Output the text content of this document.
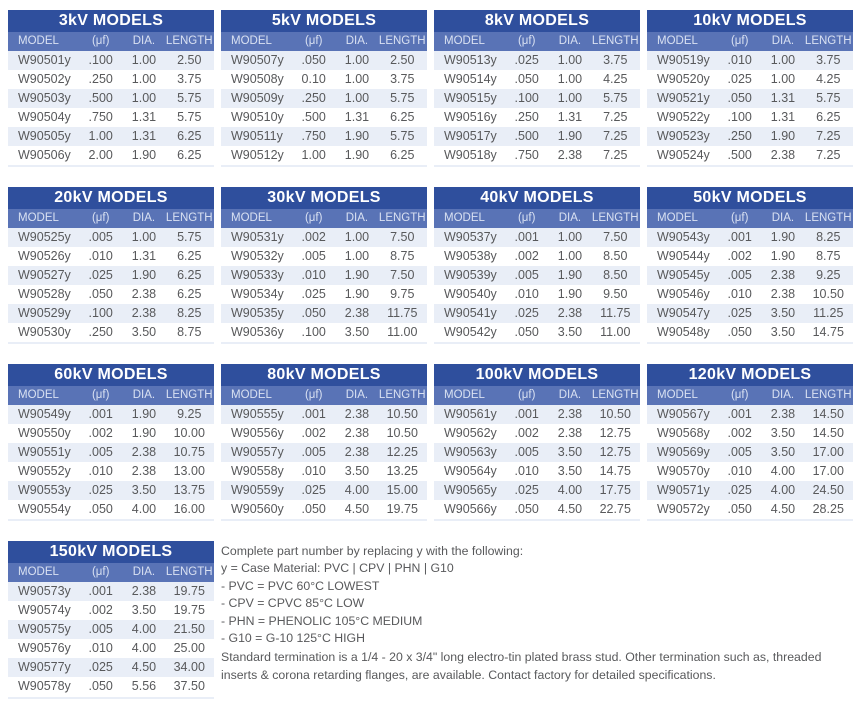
3kV MODELS
MODEL	(μf)	DIA. LENGTH
W90501y	.100	1.00	2.50
W90502y	.250	1.00	3.75
W90503y	.500	1.00	5.75
W90504y	.750	1.31	5.75
W90505y	1.00	1.31	6.25
W90506y	2.00	1.90	6.25
5kV MODELS
MODEL	(μf)	DIA. LENGTH
W90507y	.050	1.00	2.50
W90508y	0.10	1.00	3.75
W90509y	.250	1.00	5.75
W90510y	.500	1.31	6.25
W90511y	.750	1.90	5.75
W90512y	1.00	1.90	6.25
8kV MODELS
MODEL	(μf)	DIA. LENGTH
W90513y	.025	1.00	3.75
W90514y	.050	1.00	4.25
W90515y	.100	1.00	5.75
W90516y	.250	1.31	7.25
W90517y	.500	1.90	7.25
W90518y	.750	2.38	7.25
10kV MODELS
MODEL	(μf)	DIA. LENGTH
W90519y	.010	1.00	3.75
W90520y	.025	1.00	4.25
W90521y	.050	1.31	5.75
W90522y	.100	1.31	6.25
W90523y	.250	1.90	7.25
W90524y	.500	2.38	7.25
20kV MODELS
MODEL	(μf)	DIA. LENGTH
W90525y	.005	1.00	5.75
W90526y	.010	1.31	6.25
W90527y	.025	1.90	6.25
W90528y	.050	2.38	6.25
W90529y	.100	2.38	8.25
W90530y	.250	3.50	8.75
30kV MODELS
MODEL	(μf)	DIA. LENGTH
W90531y	.002	1.00	7.50
W90532y	.005	1.00	8.75
W90533y	.010	1.90	7.50
W90534y	.025	1.90	9.75
W90535y	.050	2.38	11.75
W90536y	.100	3.50	11.00
40kV MODELS
MODEL	(μf)	DIA. LENGTH
W90537y	.001	1.00	7.50
W90538y	.002	1.00	8.50
W90539y	.005	1.90	8.50
W90540y	.010	1.90	9.50
W90541y	.025	2.38	11.75
W90542y	.050	3.50	11.00
50kV MODELS
MODEL	(μf)	DIA. LENGTH
W90543y	.001	1.90	8.25
W90544y	.002	1.90	8.75
W90545y	.005	2.38	9.25
W90546y	.010	2.38	10.50
W90547y	.025	3.50	11.25
W90548y	.050	3.50	14.75
60kV MODELS
MODEL	(μf)	DIA. LENGTH
W90549y	.001	1.90	9.25
W90550y	.002	1.90	10.00
W90551y	.005	2.38	10.75
W90552y	.010	2.38	13.00
W90553y	.025	3.50	13.75
W90554y	.050	4.00	16.00
80kV MODELS
MODEL	(μf)	DIA. LENGTH
W90555y	.001	2.38	10.50
W90556y	.002	2.38	10.50
W90557y	.005	2.38	12.25
W90558y	.010	3.50	13.25
W90559y	.025	4.00	15.00
W90560y	.050	4.50	19.75
100kV MODELS
MODEL	(μf)	DIA. LENGTH
W90561y	.001	2.38	10.50
W90562y	.002	2.38	12.75
W90563y	.005	3.50	12.75
W90564y	.010	3.50	14.75
W90565y	.025	4.00	17.75
W90566y	.050	4.50	22.75
120kV MODELS
MODEL	(μf)	DIA. LENGTH
W90567y	.001	2.38	14.50
W90568y	.002	3.50	14.50
W90569y	.005	3.50	17.00
W90570y	.010	4.00	17.00
W90571y	.025	4.00	24.50
W90572y	.050	4.50	28.25
150kV MODELS
MODEL	(μf)	DIA. LENGTH
W90573y	.001	2.38	19.75
W90574y	.002	3.50	19.75
W90575y	.005	4.00	21.50
W90576y	.010	4.00	25.00
W90577y	.025	4.50	34.00
W90578y	.050	5.56	37.50

Complete part number by replacing y with the following:

y = Case Material: PVC | CPV | PHN | G10

- PVC = PVC 60°C LOWEST

- CPV = CPVC 85°C LOW

- PHN = PHENOLIC 105°C MEDIUM

- G10 = G-10 125°C HIGH

Standard termination is a 1/4 - 20 x 3/4" long electro-tin plated brass stud. Other termination such as, threaded inserts & corona retarding flanges, are available. Contact factory for detailed specifications.
